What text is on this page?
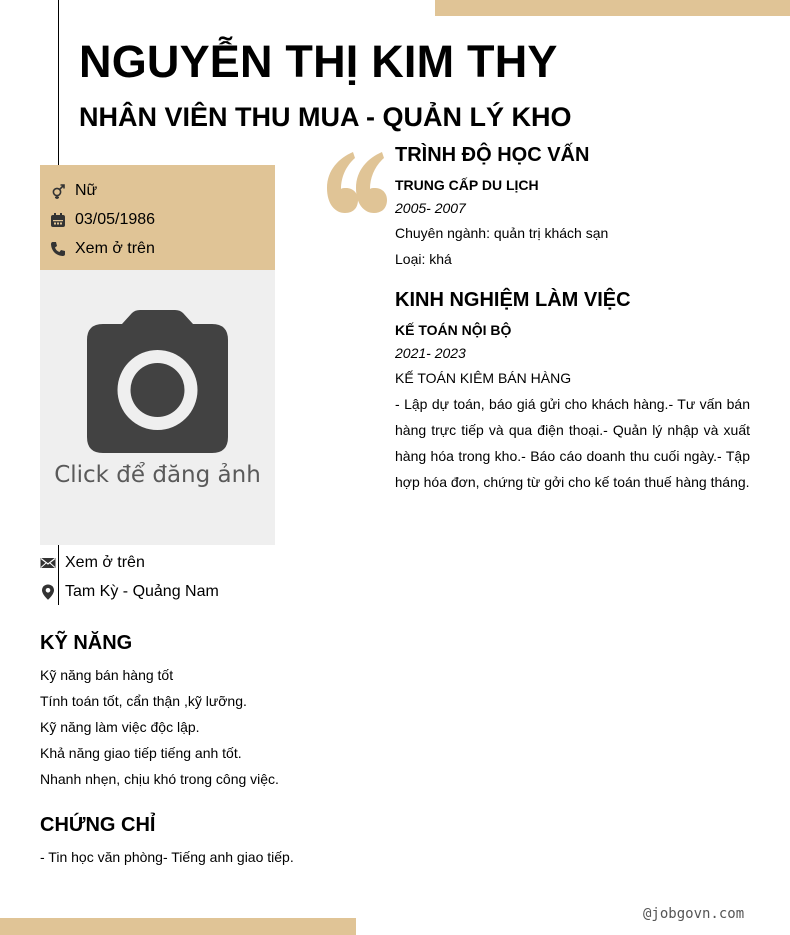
NGUYỄN THỊ KIM THY
NHÂN VIÊN THU MUA - QUẢN LÝ KHO
Nữ
03/05/1986
Xem ở trên
Click để đăng ảnh
Xem ở trên
Tam Kỳ - Quảng Nam
KỸ NĂNG
Kỹ năng bán hàng tốt
Tính toán tốt, cẩn thận ,kỹ lưỡng.
Kỹ năng làm việc độc lập.
Khả năng giao tiếp tiếng anh tốt.
Nhanh nhẹn, chịu khó trong công việc.
CHỨNG CHỈ
- Tin học văn phòng- Tiếng anh giao tiếp.
TRÌNH ĐỘ HỌC VẤN
TRUNG CẤP DU LỊCH
2005- 2007
Chuyên ngành: quản trị khách sạn
Loại: khá
KINH NGHIỆM LÀM VIỆC
KẾ TOÁN NỘI BỘ
2021- 2023
KẾ TOÁN KIÊM BÁN HÀNG
- Lập dự toán, báo giá gửi cho khách hàng.- Tư vấn bán hàng trực tiếp và qua điện thoại.- Quản lý nhập và xuất hàng hóa trong kho.- Báo cáo doanh thu cuối ngày.- Tập hợp hóa đơn, chứng từ gởi cho kế toán thuế hàng tháng.
@jobgovn.com
